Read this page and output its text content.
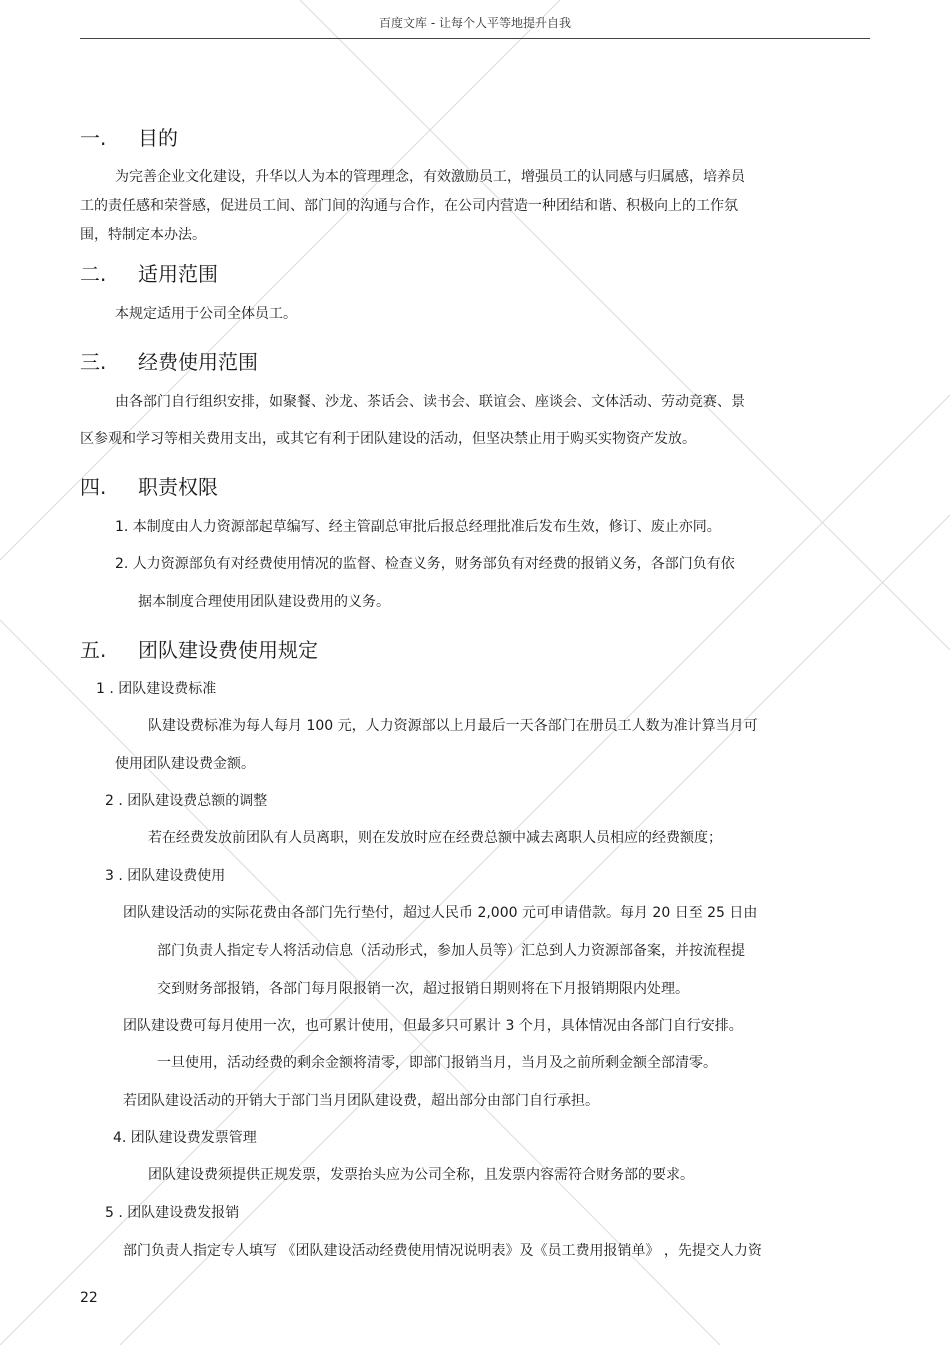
百度文库 - 让每个人平等地提升自我
一. 目的
为完善企业文化建设，升华以人为本的管理理念，有效激励员工，增强员工的认同感与归属感，培养员
工的责任感和荣誉感，促进员工间、部门间的沟通与合作，在公司内营造一种团结和谐、积极向上的工作氛
围，特制定本办法。
二. 适用范围
本规定适用于公司全体员工。
三. 经费使用范围
由各部门自行组织安排，如聚餐、沙龙、茶话会、读书会、联谊会、座谈会、文体活动、劳动竞赛、景
区参观和学习等相关费用支出，或其它有利于团队建设的活动，但坚决禁止用于购买实物资产发放。
四. 职责权限
1. 本制度由人力资源部起草编写、经主管副总审批后报总经理批准后发布生效，修订、废止亦同。
2. 人力资源部负有对经费使用情况的监督、检查义务，财务部负有对经费的报销义务，各部门负有依
据本制度合理使用团队建设费用的义务。
五. 团队建设费使用规定
1 . 团队建设费标准
队建设费标准为每人每月 100 元，人力资源部以上月最后一天各部门在册员工人数为准计算当月可
使用团队建设费金额。
2 . 团队建设费总额的调整
若在经费发放前团队有人员离职，则在发放时应在经费总额中减去离职人员相应的经费额度；
3 . 团队建设费使用
团队建设活动的实际花费由各部门先行垫付，超过人民币 2,000 元可申请借款。每月 20 日至 25 日由
部门负责人指定专人将活动信息（活动形式，参加人员等）汇总到人力资源部备案，并按流程提
交到财务部报销，各部门每月限报销一次，超过报销日期则将在下月报销期限内处理。
团队建设费可每月使用一次，也可累计使用，但最多只可累计 3 个月，具体情况由各部门自行安排。
一旦使用，活动经费的剩余金额将清零，即部门报销当月，当月及之前所剩金额全部清零。
若团队建设活动的开销大于部门当月团队建设费，超出部分由部门自行承担。
4. 团队建设费发票管理
团队建设费须提供正规发票，发票抬头应为公司全称，且发票内容需符合财务部的要求。
5 . 团队建设费发报销
部门负责人指定专人填写 《团队建设活动经费使用情况说明表》及《员工费用报销单》 ，先提交人力资
22
